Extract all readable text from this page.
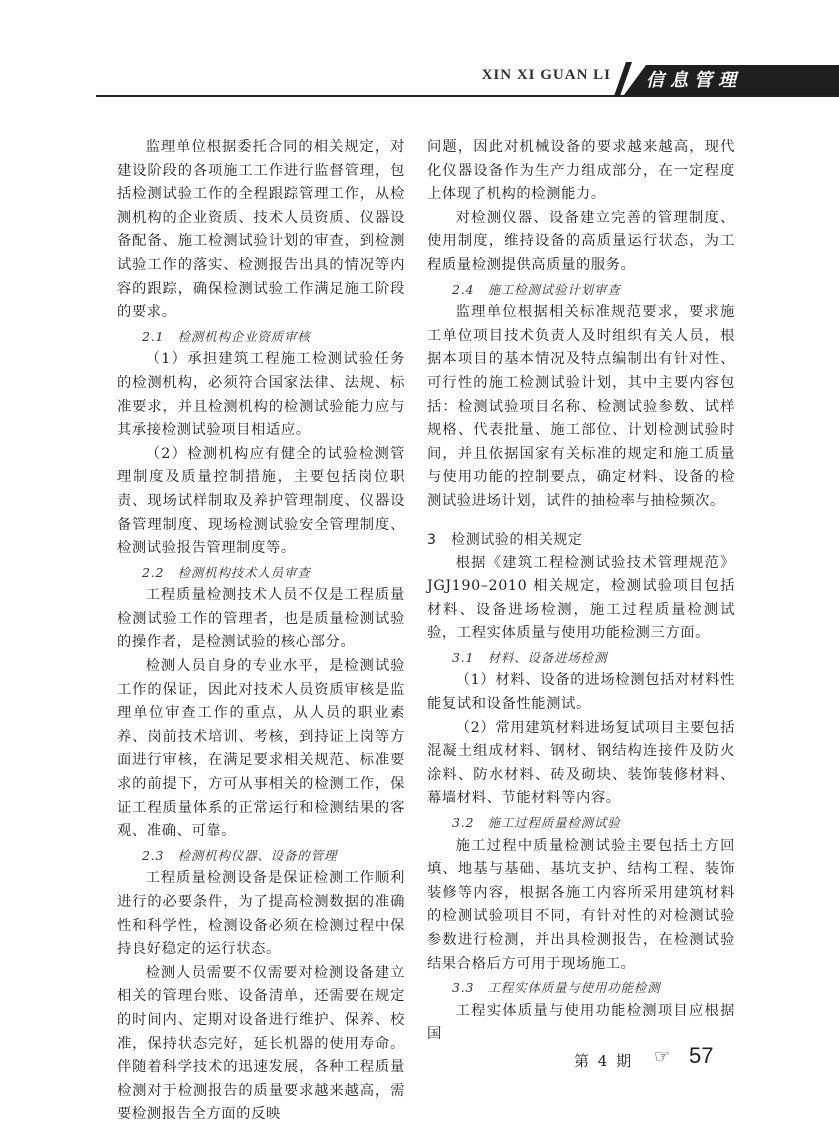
XIN XI GUAN LI 信息管理

监理单位根据委托合同的相关规定，对建设阶段的各项施工工作进行监督管理，包括检测试验工作的全程跟踪管理工作，从检测机构的企业资质、技术人员资质、仪器设备配备、施工检测试验计划的审查，到检测试验工作的落实、检测报告出具的情况等内容的跟踪，确保检测试验工作满足施工阶段的要求。

2.1　检测机构企业资质审核

（1）承担建筑工程施工检测试验任务的检测机构，必须符合国家法律、法规、标准要求，并且检测机构的检测试验能力应与其承接检测试验项目相适应。

（2）检测机构应有健全的试验检测管理制度及质量控制措施，主要包括岗位职责、现场试样制取及养护管理制度、仪器设备管理制度、现场检测试验安全管理制度、检测试验报告管理制度等。

2.2　检测机构技术人员审查

工程质量检测技术人员不仅是工程质量检测试验工作的管理者，也是质量检测试验的操作者，是检测试验的核心部分。

检测人员自身的专业水平，是检测试验工作的保证，因此对技术人员资质审核是监理单位审查工作的重点，从人员的职业素养、岗前技术培训、考核，到持证上岗等方面进行审核，在满足要求相关规范、标准要求的前提下，方可从事相关的检测工作，保证工程质量体系的正常运行和检测结果的客观、准确、可靠。

2.3　检测机构仪器、设备的管理

工程质量检测设备是保证检测工作顺利进行的必要条件，为了提高检测数据的准确性和科学性，检测设备必须在检测过程中保持良好稳定的运行状态。

检测人员需要不仅需要对检测设备建立相关的管理台账、设备清单，还需要在规定的时间内、定期对设备进行维护、保养、校准，保持状态完好，延长机器的使用寿命。伴随着科学技术的迅速发展，各种工程质量检测对于检测报告的质量要求越来越高，需要检测报告全方面的反映

问题，因此对机械设备的要求越来越高，现代化仪器设备作为生产力组成部分，在一定程度上体现了机构的检测能力。

对检测仪器、设备建立完善的管理制度、使用制度，维持设备的高质量运行状态，为工程质量检测提供高质量的服务。

2.4　施工检测试验计划审查

监理单位根据相关标准规范要求，要求施工单位项目技术负责人及时组织有关人员，根据本项目的基本情况及特点编制出有针对性、可行性的施工检测试验计划，其中主要内容包括：检测试验项目名称、检测试验参数、试样规格、代表批量、施工部位、计划检测试验时间，并且依据国家有关标准的规定和施工质量与使用功能的控制要点，确定材料、设备的检测试验进场计划，试件的抽检率与抽检频次。

3　检测试验的相关规定

根据《建筑工程检测试验技术管理规范》JGJ190–2010 相关规定，检测试验项目包括材料、设备进场检测，施工过程质量检测试验，工程实体质量与使用功能检测三方面。

3.1　材料、设备进场检测

（1）材料、设备的进场检测包括对材料性能复试和设备性能测试。

（2）常用建筑材料进场复试项目主要包括混凝土组成材料、钢材、钢结构连接件及防火涂料、防水材料、砖及砌块、装饰装修材料、幕墙材料、节能材料等内容。

3.2　施工过程质量检测试验

施工过程中质量检测试验主要包括土方回填、地基与基础、基坑支护、结构工程、装饰装修等内容，根据各施工内容所采用建筑材料的检测试验项目不同，有针对性的对检测试验参数进行检测，并出具检测报告，在检测试验结果合格后方可用于现场施工。

3.3　工程实体质量与使用功能检测

工程实体质量与使用功能检测项目应根据国

第 4 期 ☞ 57
